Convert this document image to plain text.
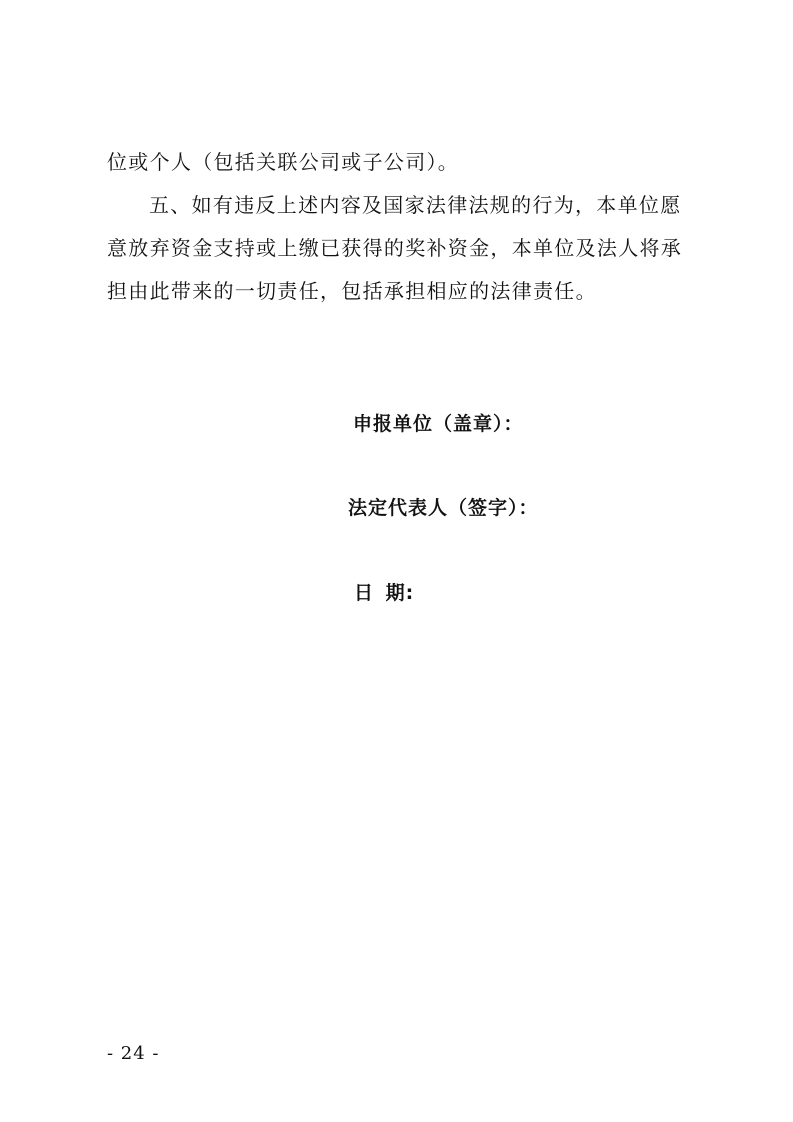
位或个人（包括关联公司或子公司）。

五、如有违反上述内容及国家法律法规的行为，本单位愿意放弃资金支持或上缴已获得的奖补资金，本单位及法人将承担由此带来的一切责任，包括承担相应的法律责任。

申报单位（盖章）：

法定代表人（签字）：

日 期:

- 24 -
